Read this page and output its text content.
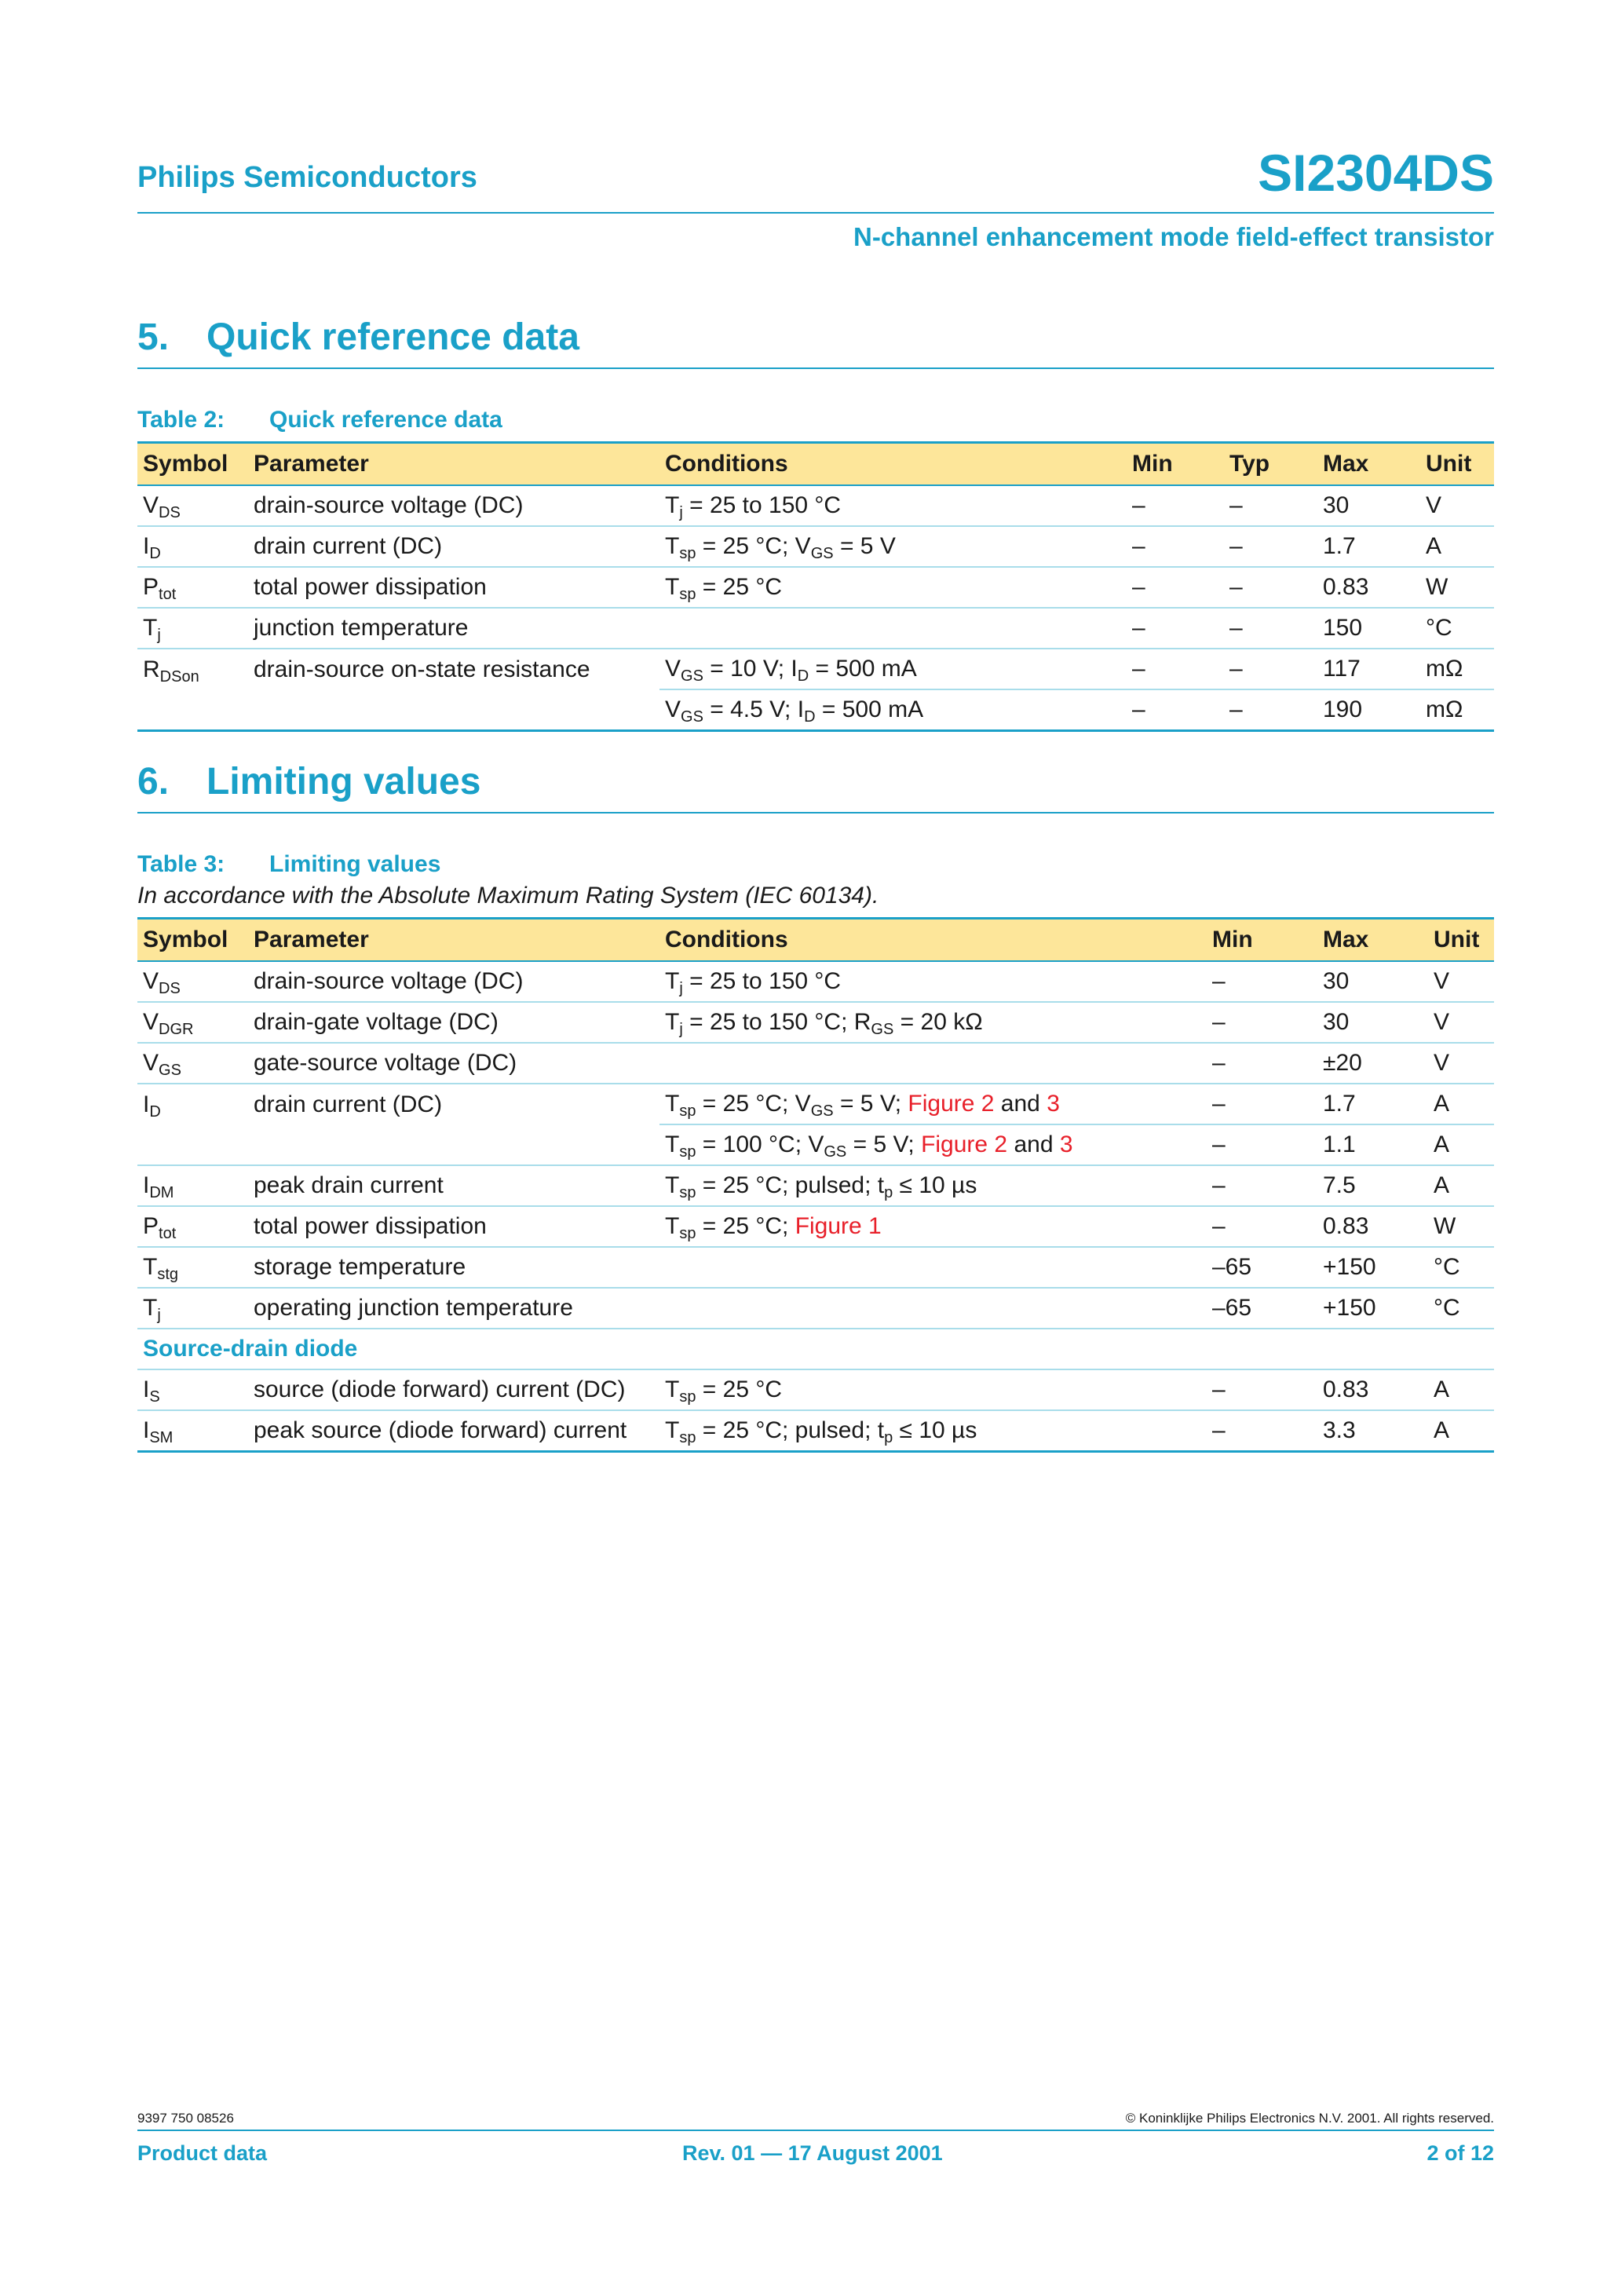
Philips Semiconductors	SI2304DS
N-channel enhancement mode field-effect transistor
5. Quick reference data
Table 2: Quick reference data
Symbol	Parameter	Conditions	Min	Typ	Max	Unit
$V_{DS}$	drain-source voltage (DC)	$T_j = 25$ to 150 °C	–	–	30	V
$I_D$	drain current (DC)	$T_{sp} = 25$ °C; $V_{GS} = 5$ V	–	–	1.7	A
$P_{tot}$	total power dissipation	$T_{sp} = 25$ °C	–	–	0.83	W
$T_j$	junction temperature		–	–	150	°C
$R_{DSon}$	drain-source on-state resistance	$V_{GS} = 10$ V; $I_D = 500$ mA	–	–	117	mΩ
		$V_{GS} = 4.5$ V; $I_D = 500$ mA	–	–	190	mΩ
6. Limiting values
Table 3: Limiting values
In accordance with the Absolute Maximum Rating System (IEC 60134).
Symbol	Parameter	Conditions	Min	Max	Unit
$V_{DS}$	drain-source voltage (DC)	$T_j = 25$ to 150 °C	–	30	V
$V_{DGR}$	drain-gate voltage (DC)	$T_j = 25$ to 150 °C; $R_{GS} = 20$ kΩ	–	30	V
$V_{GS}$	gate-source voltage (DC)		–	±20	V
$I_D$	drain current (DC)	$T_{sp} = 25$ °C; $V_{GS} = 5$ V; Figure 2 and 3	–	1.7	A
		$T_{sp} = 100$ °C; $V_{GS} = 5$ V; Figure 2 and 3	–	1.1	A
$I_{DM}$	peak drain current	$T_{sp} = 25$ °C; pulsed; $t_p \le 10$ µs	–	7.5	A
$P_{tot}$	total power dissipation	$T_{sp} = 25$ °C; Figure 1	–	0.83	W
$T_{stg}$	storage temperature		–65	+150	°C
$T_j$	operating junction temperature		–65	+150	°C
Source-drain diode					
$I_S$	source (diode forward) current (DC)	$T_{sp} = 25$ °C	–	0.83	A
$I_{SM}$	peak source (diode forward) current	$T_{sp} = 25$ °C; pulsed; $t_p \le 10$ µs	–	3.3	A
9397 750 08526	© Koninklijke Philips Electronics N.V. 2001. All rights reserved.
Product data	Rev. 01 — 17 August 2001	2 of 12
